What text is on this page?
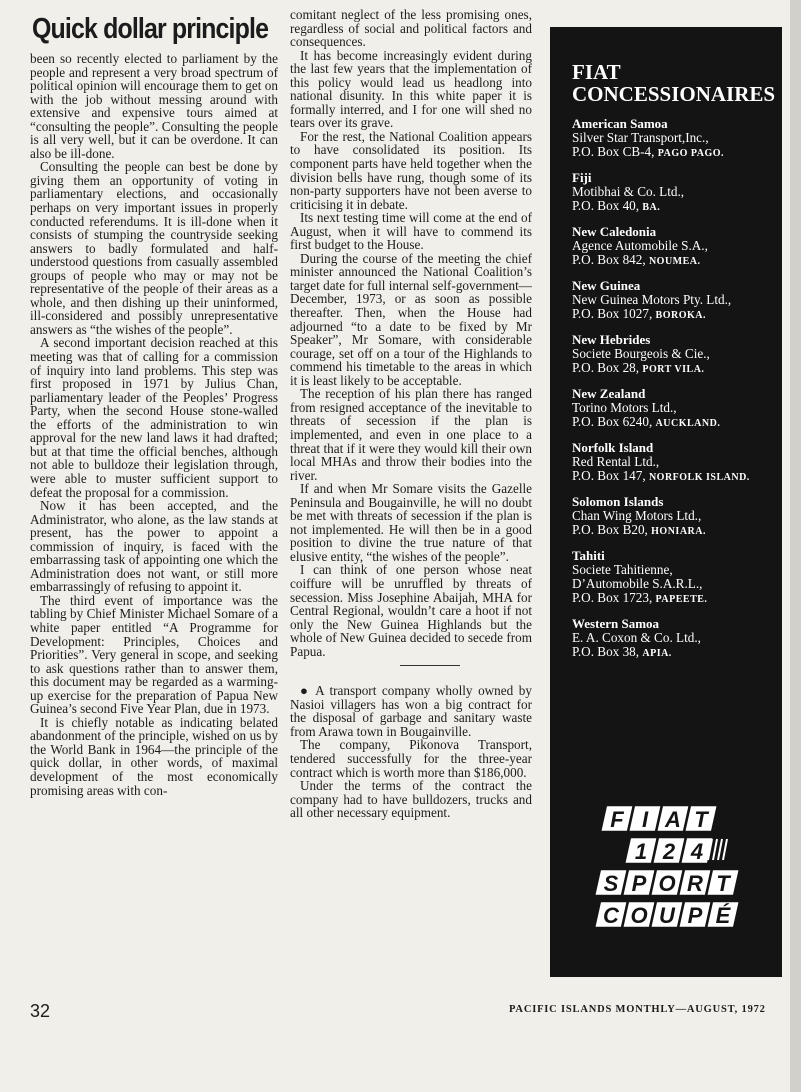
Quick dollar principle

been so recently elected to parliament by the people and represent a very broad spectrum of political opinion will encourage them to get on with the job without messing around with extensive and expensive tours aimed at “consulting the people”. Consulting the people is all very well, but it can be overdone. It can also be ill-done.

Consulting the people can best be done by giving them an opportunity of voting in parliamentary elections, and occasionally perhaps on very important issues in properly conducted referendums. It is ill-done when it consists of stumping the countryside seeking answers to badly formulated and half-understood questions from casually assembled groups of people who may or may not be representative of the people of their areas as a whole, and then dishing up their uninformed, ill-considered and possibly unrepresentative answers as “the wishes of the people”.

A second important decision reached at this meeting was that of calling for a commission of inquiry into land problems. This step was first proposed in 1971 by Julius Chan, parliamentary leader of the Peoples’ Progress Party, when the second House stone-walled the efforts of the administration to win approval for the new land laws it had drafted; but at that time the official benches, although not able to bulldoze their legislation through, were able to muster sufficient support to defeat the proposal for a commission.

Now it has been accepted, and the Administrator, who alone, as the law stands at present, has the power to appoint a commission of inquiry, is faced with the embarrassing task of appointing one which the Administration does not want, or still more embarrassingly of refusing to appoint it.

The third event of importance was the tabling by Chief Minister Michael Somare of a white paper entitled “A Programme for Development: Principles, Choices and Priorities”. Very general in scope, and seeking to ask questions rather than to answer them, this document may be regarded as a warming-up exercise for the preparation of Papua New Guinea’s second Five Year Plan, due in 1973.

It is chiefly notable as indicating belated abandonment of the principle, wished on us by the World Bank in 1964—the principle of the quick dollar, in other words, of maximal development of the most economically promising areas with con-

comitant neglect of the less promising ones, regardless of social and political factors and consequences.

It has become increasingly evident during the last few years that the implementation of this policy would lead us headlong into national disunity. In this white paper it is formally interred, and I for one will shed no tears over its grave.

For the rest, the National Coalition appears to have consolidated its position. Its component parts have held together when the division bells have rung, though some of its non-party supporters have not been averse to criticising it in debate.

Its next testing time will come at the end of August, when it will have to commend its first budget to the House.

During the course of the meeting the chief minister announced the National Coalition’s target date for full internal self-government—December, 1973, or as soon as possible thereafter. Then, when the House had adjourned “to a date to be fixed by Mr Speaker”, Mr Somare, with considerable courage, set off on a tour of the Highlands to commend his timetable to the areas in which it is least likely to be acceptable.

The reception of his plan there has ranged from resigned acceptance of the inevitable to threats of secession if the plan is implemented, and even in one place to a threat that if it were they would kill their own local MHAs and throw their bodies into the river.

If and when Mr Somare visits the Gazelle Peninsula and Bougainville, he will no doubt be met with threats of secession if the plan is not implemented. He will then be in a good position to divine the true nature of that elusive entity, “the wishes of the people”.

I can think of one person whose neat coiffure will be unruffled by threats of secession. Miss Josephine Abaijah, MHA for Central Regional, wouldn’t care a hoot if not only the New Guinea Highlands but the whole of New Guinea decided to secede from Papua.

● A transport company wholly owned by Nasioi villagers has won a big contract for the disposal of garbage and sanitary waste from Arawa town in Bougainville.

The company, Pikonova Transport, tendered successfully for the three-year contract which is worth more than $186,000.

Under the terms of the contract the company had to have bulldozers, trucks and all other necessary equipment.

FIAT
CONCESSIONAIRES
American Samoa
Silver Star Transport,Inc.,
P.O. Box CB-4, PAGO PAGO.
Fiji
Motibhai & Co. Ltd.,
P.O. Box 40, BA.
New Caledonia
Agence Automobile S.A.,
P.O. Box 842, NOUMEA.
New Guinea
New Guinea Motors Pty. Ltd.,
P.O. Box 1027, BOROKA.
New Hebrides
Societe Bourgeois & Cie.,
P.O. Box 28, PORT VILA.
New Zealand
Torino Motors Ltd.,
P.O. Box 6240, AUCKLAND.
Norfolk Island
Red Rental Ltd.,
P.O. Box 147, NORFOLK ISLAND.
Solomon Islands
Chan Wing Motors Ltd.,
P.O. Box B20, HONIARA.
Tahiti
Societe Tahitienne,
D’Automobile S.A.R.L.,
P.O. Box 1723, PAPEETE.
Western Samoa
E. A. Coxon & Co. Ltd.,
P.O. Box 38, APIA.
F I A T
1 2 4
S P O R T
C O U P É
32	PACIFIC ISLANDS MONTHLY—AUGUST, 1972
